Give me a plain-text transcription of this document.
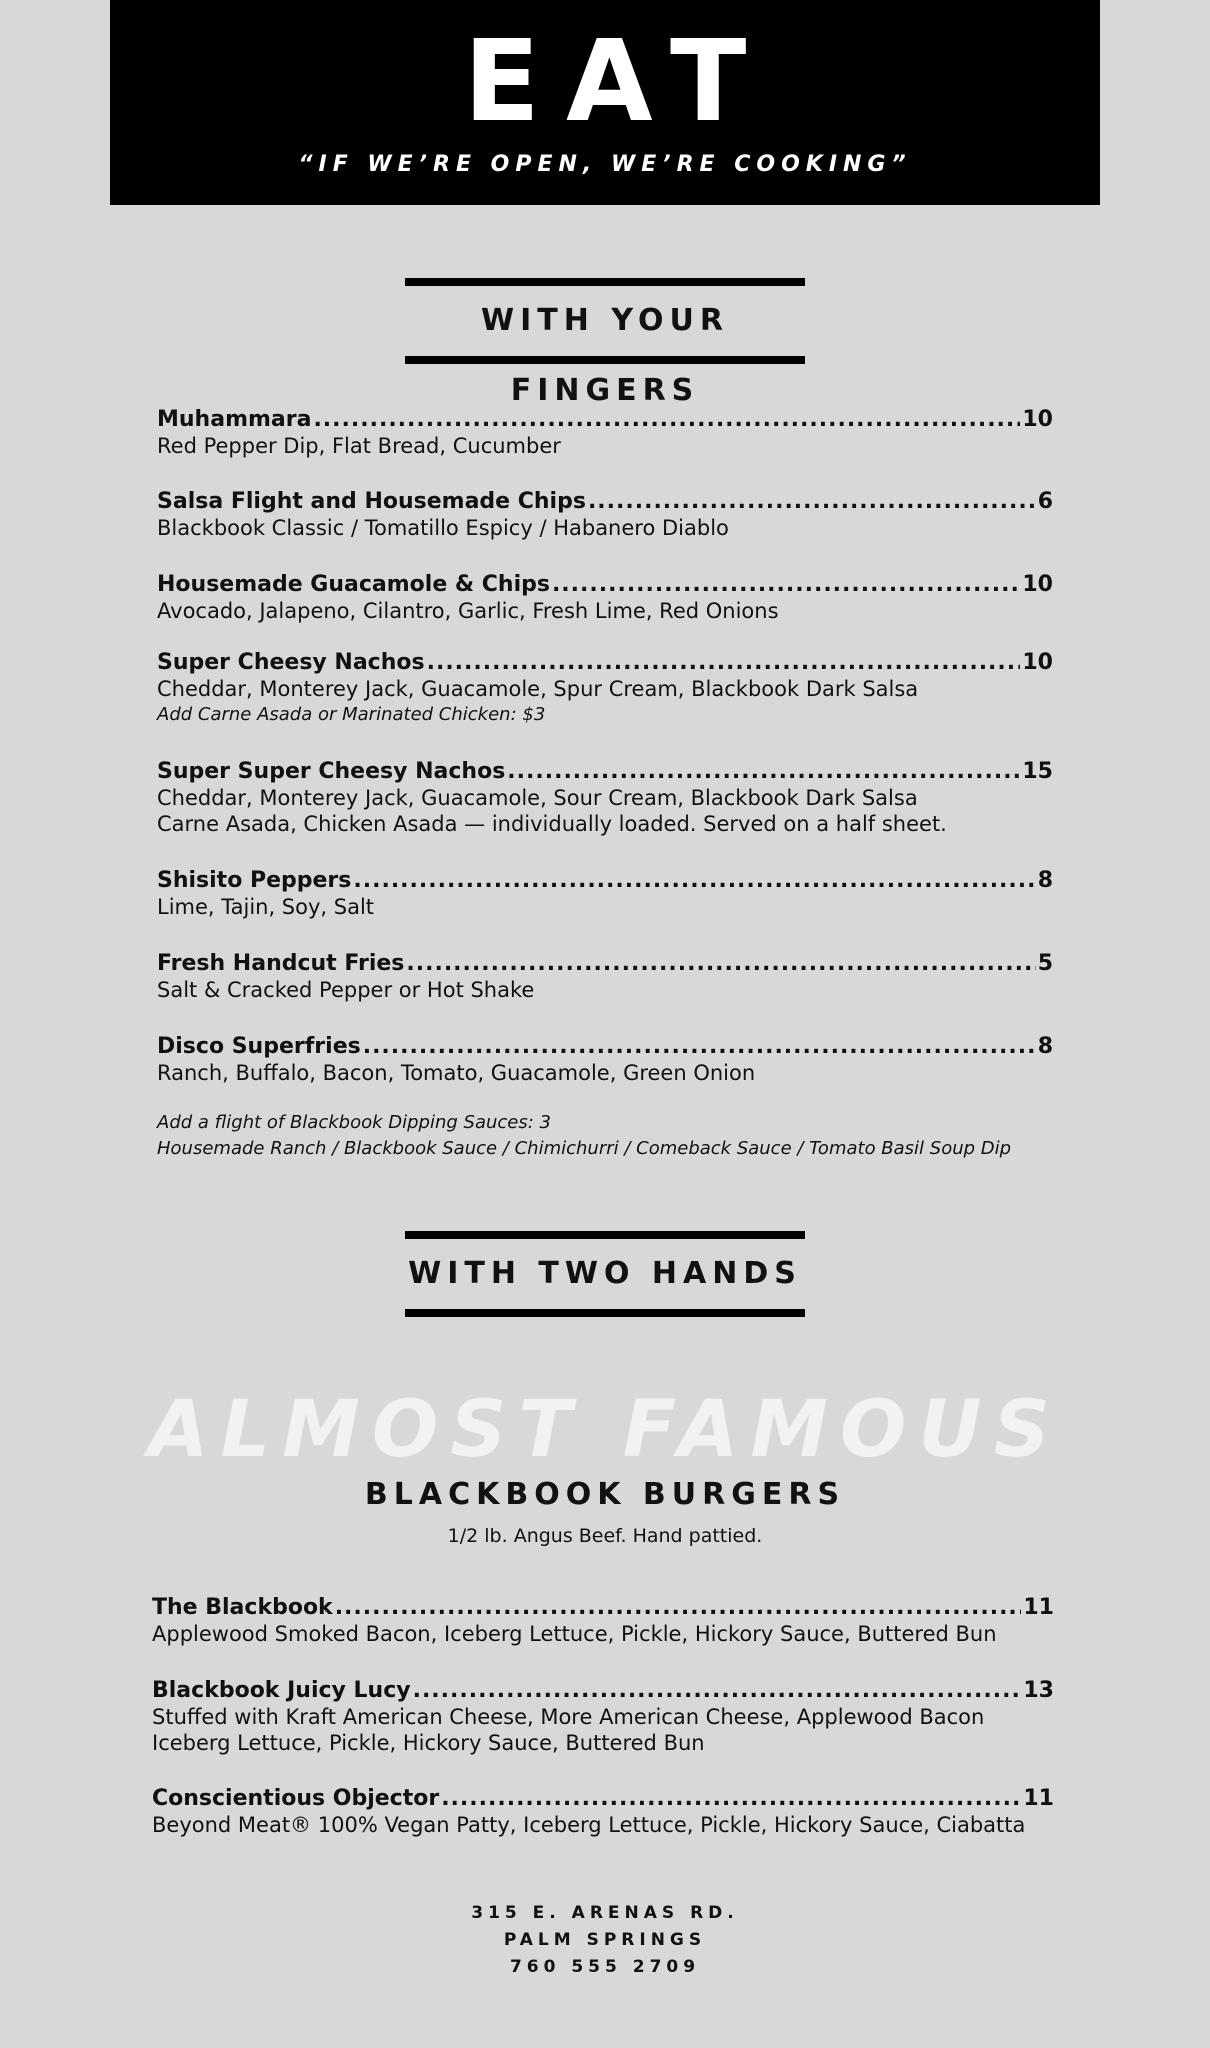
EAT
“IF WE’RE OPEN, WE’RE COOKING”
WITH YOUR FINGERS
Muhammara .....	10
Red Pepper Dip, Flat Bread, Cucumber
Salsa Flight and Housemade Chips .....	6
Blackbook Classic / Tomatillo Espicy / Habanero Diablo
Housemade Guacamole & Chips .....	10
Avocado, Jalapeno, Cilantro, Garlic, Fresh Lime, Red Onions
Super Cheesy Nachos .....	10
Cheddar, Monterey Jack, Guacamole, Spur Cream, Blackbook Dark Salsa
Add Carne Asada or Marinated Chicken: $3
Super Super Cheesy Nachos .....	15
Cheddar, Monterey Jack, Guacamole, Sour Cream, Blackbook Dark Salsa
Carne Asada, Chicken Asada — individually loaded. Served on a half sheet.
Shisito Peppers .....	8
Lime, Tajin, Soy, Salt
Fresh Handcut Fries .....	5
Salt & Cracked Pepper or Hot Shake
Disco Superfries .....	8
Ranch, Buffalo, Bacon, Tomato, Guacamole, Green Onion
Add a flight of Blackbook Dipping Sauces: 3
Housemade Ranch / Blackbook Sauce / Chimichurri / Comeback Sauce / Tomato Basil Soup Dip
WITH TWO HANDS
ALMOST FAMOUS
BLACKBOOK BURGERS
1/2 lb. Angus Beef. Hand pattied.
The Blackbook .....	11
Applewood Smoked Bacon, Iceberg Lettuce, Pickle, Hickory Sauce, Buttered Bun
Blackbook Juicy Lucy .....	13
Stuffed with Kraft American Cheese, More American Cheese, Applewood Bacon
Iceberg Lettuce, Pickle, Hickory Sauce, Buttered Bun
Conscientious Objector .....	11
Beyond Meat® 100% Vegan Patty, Iceberg Lettuce, Pickle, Hickory Sauce, Ciabatta
315 E. ARENAS RD.
PALM SPRINGS
760 555 2709
